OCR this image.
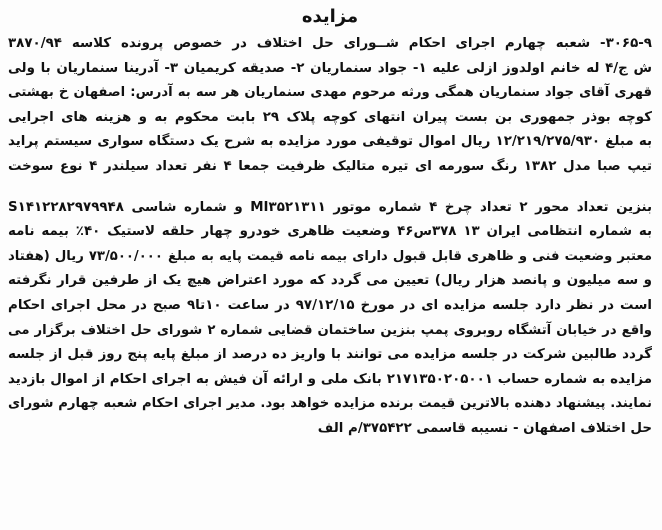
مزایده
۳۰۶۵-۹- شعبه چهارم اجرای احکام شــورای حل اختلاف در خصوص پرونده کلاسه ۳۸۷۰/۹۴
ش ج/۴ له خانم اولدوز ازلی علیه ۱- جواد سنماریان ۲- صدیقه کریمیان ۳- آدرینا سنماریان با ولی
قهری آقای جواد سنماریان همگی ورثه مرحوم مهدی سنماریان هر سه به آدرس: اصفهان خ بهشتی
کوچه بوذر جمهوری بن بست پیران انتهای کوچه پلاک ۲۹ بابت محکوم به و هزینه های اجرایی
به مبلغ ۱۲/۲۱۹/۲۷۵/۹۳۰ ریال اموال توقیفی مورد مزایده به شرح یک دستگاه سواری سیستم پراید
تیپ صبا مدل ۱۳۸۲ رنگ سورمه ای تیره متالیک ظرفیت جمعا ۴ نفر تعداد سیلندر ۴ نوع سوخت
بنزین تعداد محور ۲ تعداد چرخ ۴ شماره موتور MI۳۵۲۱۳۱۱ و شماره شاسی S۱۴۱۲۲۸۲۹۷۹۹۴۸
به شماره انتظامی ایران ۱۳ ۳۷۸س۴۶ وضعیت ظاهری خودرو چهار حلقه لاستیک ۴۰٪ بیمه نامه
معتبر وضعیت فنی و ظاهری قابل قبول دارای بیمه نامه قیمت پایه به مبلغ ۷۳/۵۰۰/۰۰۰ ریال (هفتاد
و سه میلیون و پانصد هزار ریال) تعیین می گردد که مورد اعتراض هیچ یک از طرفین قرار نگرفته
است در نظر دارد جلسه مزایده ای در مورخ ۹۷/۱۲/۱۵ در ساعت ۱۰تا۹ صبح در محل اجرای احکام
واقع در خیابان آتشگاه روبروی پمپ بنزین ساختمان قضایی شماره ۲ شورای حل اختلاف برگزار می
گردد طالبین شرکت در جلسه مزایده می توانند با واریز ده درصد از مبلغ پایه پنج روز قبل از جلسه
مزایده به شماره حساب ۲۱۷۱۳۵۰۲۰۵۰۰۱ بانک ملی و ارائه آن فیش به اجرای احکام از اموال بازدید
نمایند. پیشنهاد دهنده بالاترین قیمت برنده مزایده خواهد بود. مدیر اجرای احکام شعبه چهارم شورای
حل اختلاف اصفهان - نسیبه قاسمی ۳۷۵۴۲۲/م الف
